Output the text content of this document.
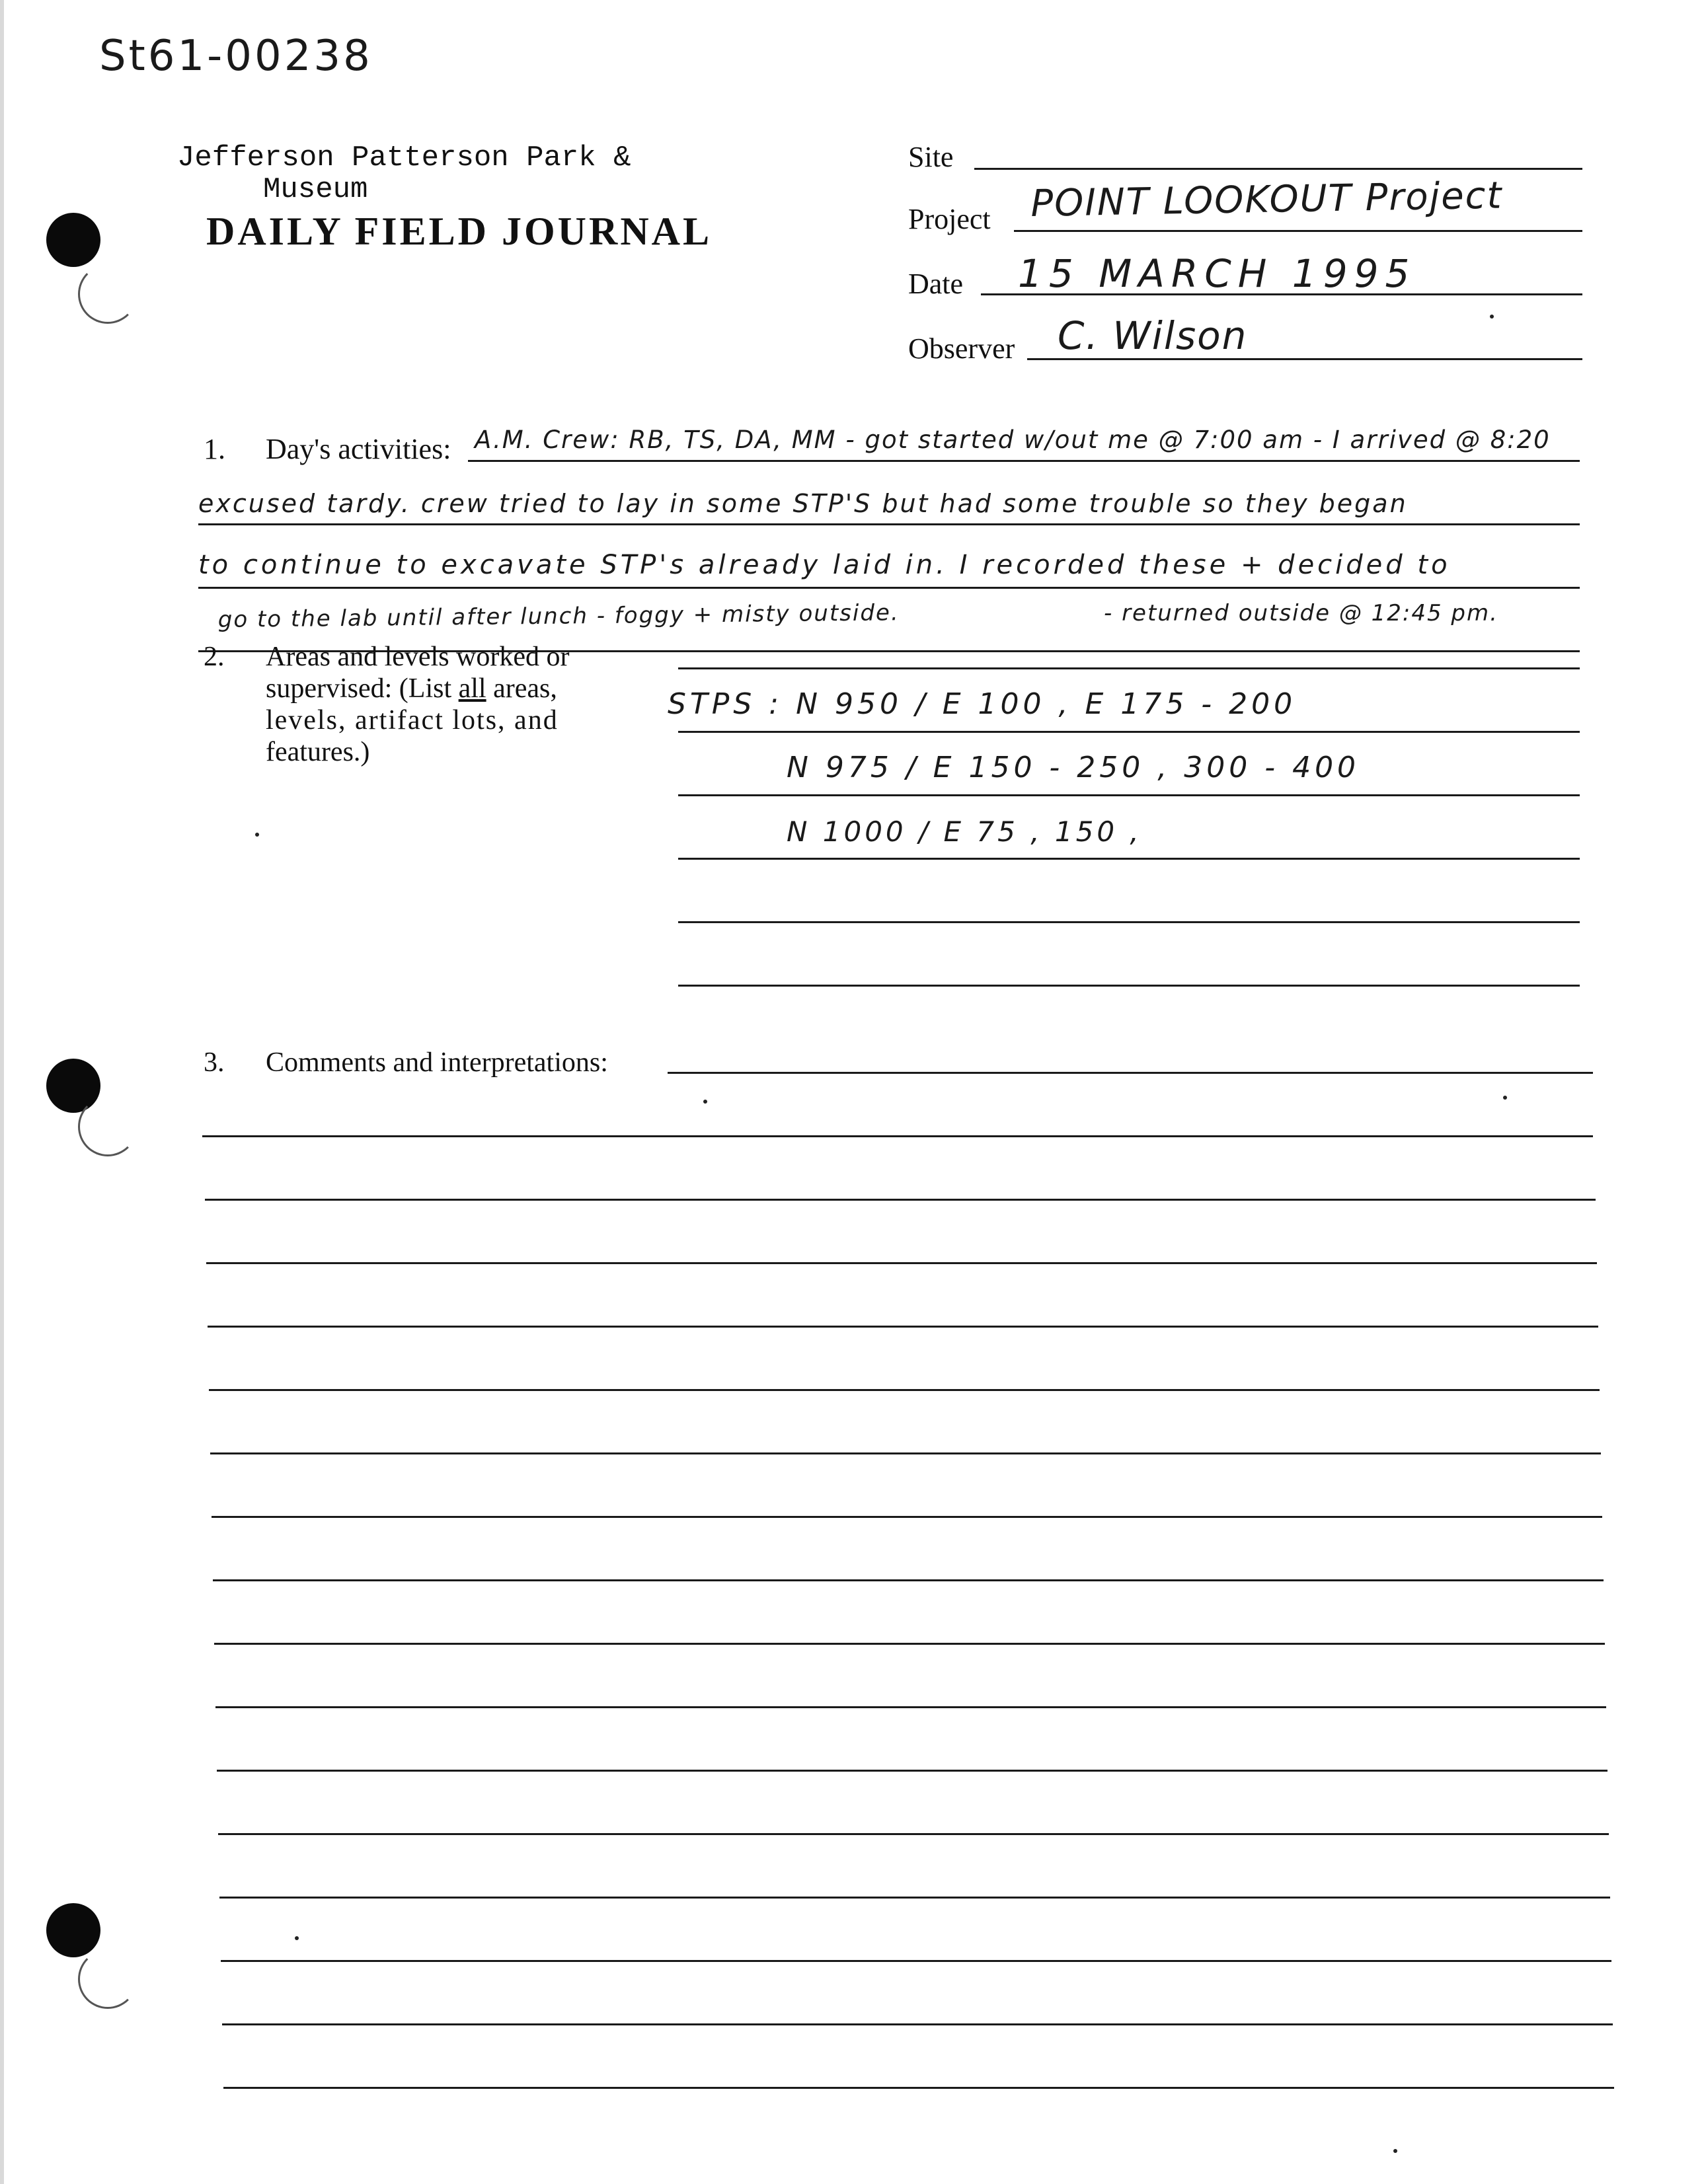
St61-00238
Jefferson Patterson Park &
Museum
DAILY FIELD JOURNAL
Site
Project POINT LOOKOUT Project
Date 15 MARCH 1995
Observer C. Wilson
1. Day's activities: A.M. Crew: RB, TS, DA, MM - got started w/out me @ 7:00 am - I arrived @ 8:20
excused tardy. crew tried to lay in some STP'S but had some trouble so they began
to continue to excavate STP's already laid in. I recorded these + decided to
go to the lab until after lunch - foggy + misty outside.	- returned outside @ 12:45 pm.
2. Areas and levels worked or
supervised: (List all areas,
levels, artifact lots, and
features.)
STPS : N 950 / E 100 , E 175 - 200
N 975 / E 150 - 250 , 300 - 400
N 1000 / E 75 , 150 ,
3. Comments and interpretations:
